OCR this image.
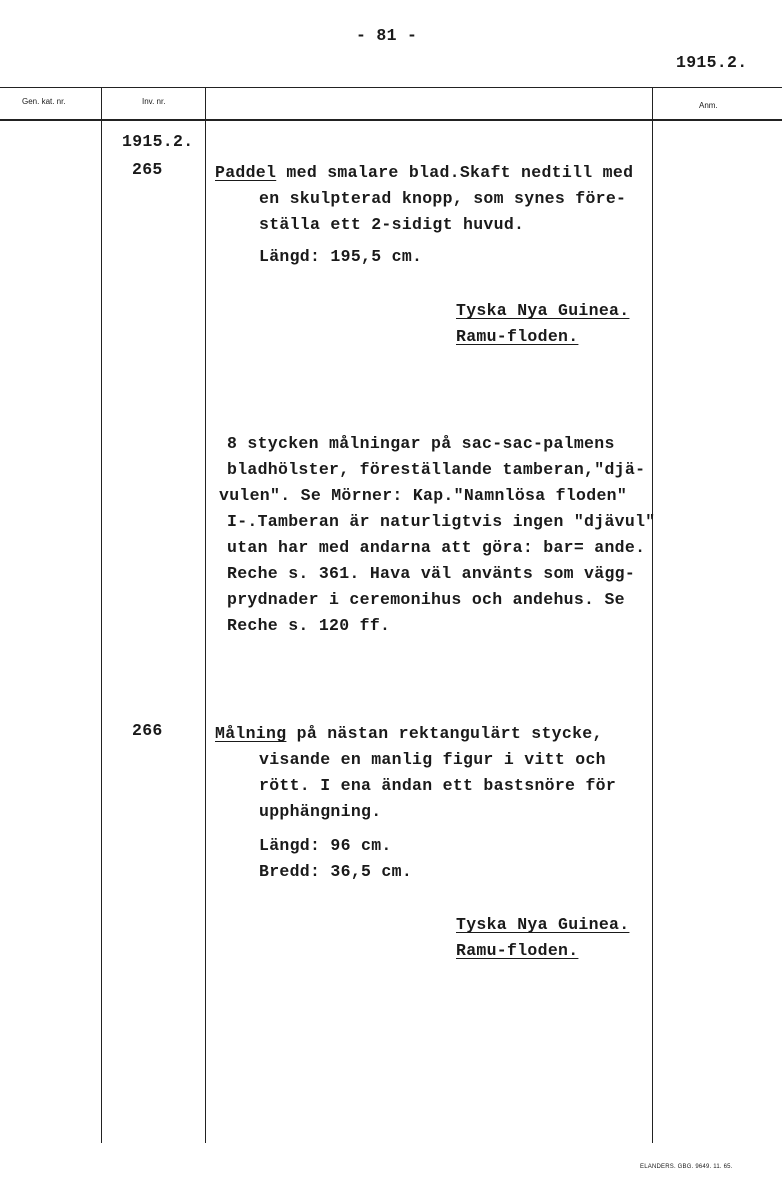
- 81 -
1915.2.
Gen. kat. nr.	Inv. nr.	Anm.
1915.2.
265	Paddel med smalare blad.Skaft nedtill med
en skulpterad knopp, som synes före-
ställa ett 2-sidigt huvud.
Längd: 195,5 cm.
Tyska Nya Guinea.
Ramu-floden.
8 stycken målningar på sac-sac-palmens
bladhölster, föreställande tamberan,"djä-
vulen". Se Mörner: Kap."Namnlösa floden"
I-.Tamberan är naturligtvis ingen "djävul"
utan har med andarna att göra: bar= ande.
Reche s. 361. Hava väl använts som vägg-
prydnader i ceremonihus och andehus. Se
Reche s. 120 ff.
266	Målning på nästan rektangulärt stycke,
visande en manlig figur i vitt och
rött. I ena ändan ett bastsnöre för
upphängning.
Längd: 96 cm.
Bredd: 36,5 cm.
Tyska Nya Guinea.
Ramu-floden.
ELANDERS. GBG. 9649. 11. 65.
